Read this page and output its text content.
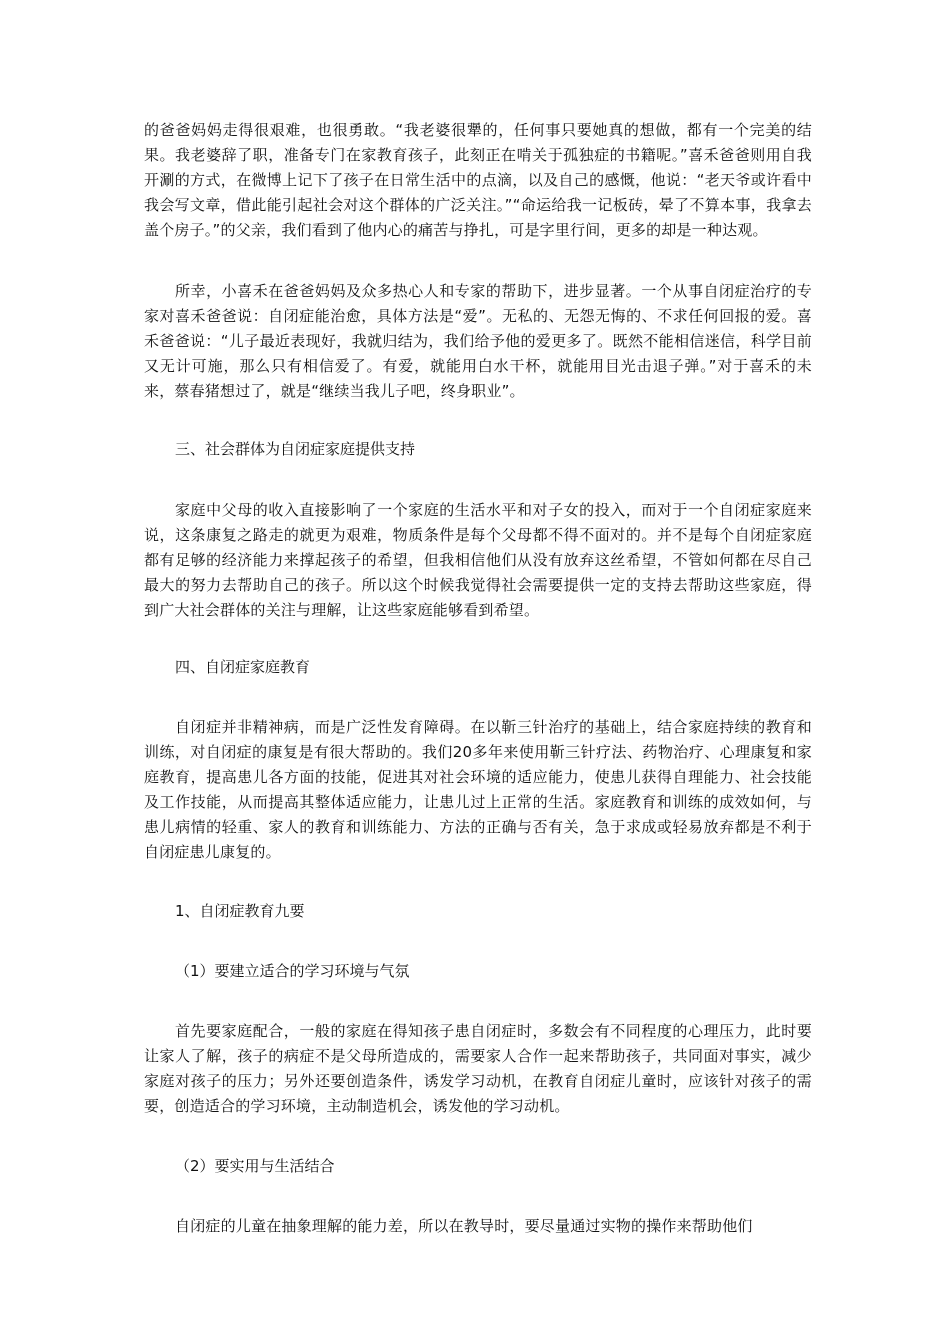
的爸爸妈妈走得很艰难，也很勇敢。“我老婆很犟的，任何事只要她真的想做，都有一个完美的结果。我老婆辞了职，准备专门在家教育孩子，此刻正在啃关于孤独症的书籍呢。”喜禾爸爸则用自我开涮的方式，在微博上记下了孩子在日常生活中的点滴，以及自己的感慨，他说：“老天爷或许看中我会写文章，借此能引起社会对这个群体的广泛关注。”“命运给我一记板砖，晕了不算本事，我拿去盖个房子。”的父亲，我们看到了他内心的痛苦与挣扎，可是字里行间，更多的却是一种达观。

所幸，小喜禾在爸爸妈妈及众多热心人和专家的帮助下，进步显著。一个从事自闭症治疗的专家对喜禾爸爸说：自闭症能治愈，具体方法是“爱”。无私的、无怨无悔的、不求任何回报的爱。喜禾爸爸说：“儿子最近表现好，我就归结为，我们给予他的爱更多了。既然不能相信迷信，科学目前又无计可施，那么只有相信爱了。有爱，就能用白水干杯，就能用目光击退子弹。”对于喜禾的未来，蔡春猪想过了，就是“继续当我儿子吧，终身职业”。

三、社会群体为自闭症家庭提供支持

家庭中父母的收入直接影响了一个家庭的生活水平和对子女的投入，而对于一个自闭症家庭来说，这条康复之路走的就更为艰难，物质条件是每个父母都不得不面对的。并不是每个自闭症家庭都有足够的经济能力来撑起孩子的希望，但我相信他们从没有放弃这丝希望，不管如何都在尽自己最大的努力去帮助自己的孩子。所以这个时候我觉得社会需要提供一定的支持去帮助这些家庭，得到广大社会群体的关注与理解，让这些家庭能够看到希望。

四、自闭症家庭教育

自闭症并非精神病，而是广泛性发育障碍。在以靳三针治疗的基础上，结合家庭持续的教育和训练，对自闭症的康复是有很大帮助的。我们20多年来使用靳三针疗法、药物治疗、心理康复和家庭教育，提高患儿各方面的技能，促进其对社会环境的适应能力，使患儿获得自理能力、社会技能及工作技能，从而提高其整体适应能力，让患儿过上正常的生活。家庭教育和训练的成效如何，与患儿病情的轻重、家人的教育和训练能力、方法的正确与否有关，急于求成或轻易放弃都是不利于自闭症患儿康复的。

1、自闭症教育九要

（1）要建立适合的学习环境与气氛

首先要家庭配合，一般的家庭在得知孩子患自闭症时，多数会有不同程度的心理压力，此时要让家人了解，孩子的病症不是父母所造成的，需要家人合作一起来帮助孩子，共同面对事实，减少家庭对孩子的压力；另外还要创造条件，诱发学习动机，在教育自闭症儿童时，应该针对孩子的需要，创造适合的学习环境，主动制造机会，诱发他的学习动机。

（2）要实用与生活结合

自闭症的儿童在抽象理解的能力差，所以在教导时，要尽量通过实物的操作来帮助他们
